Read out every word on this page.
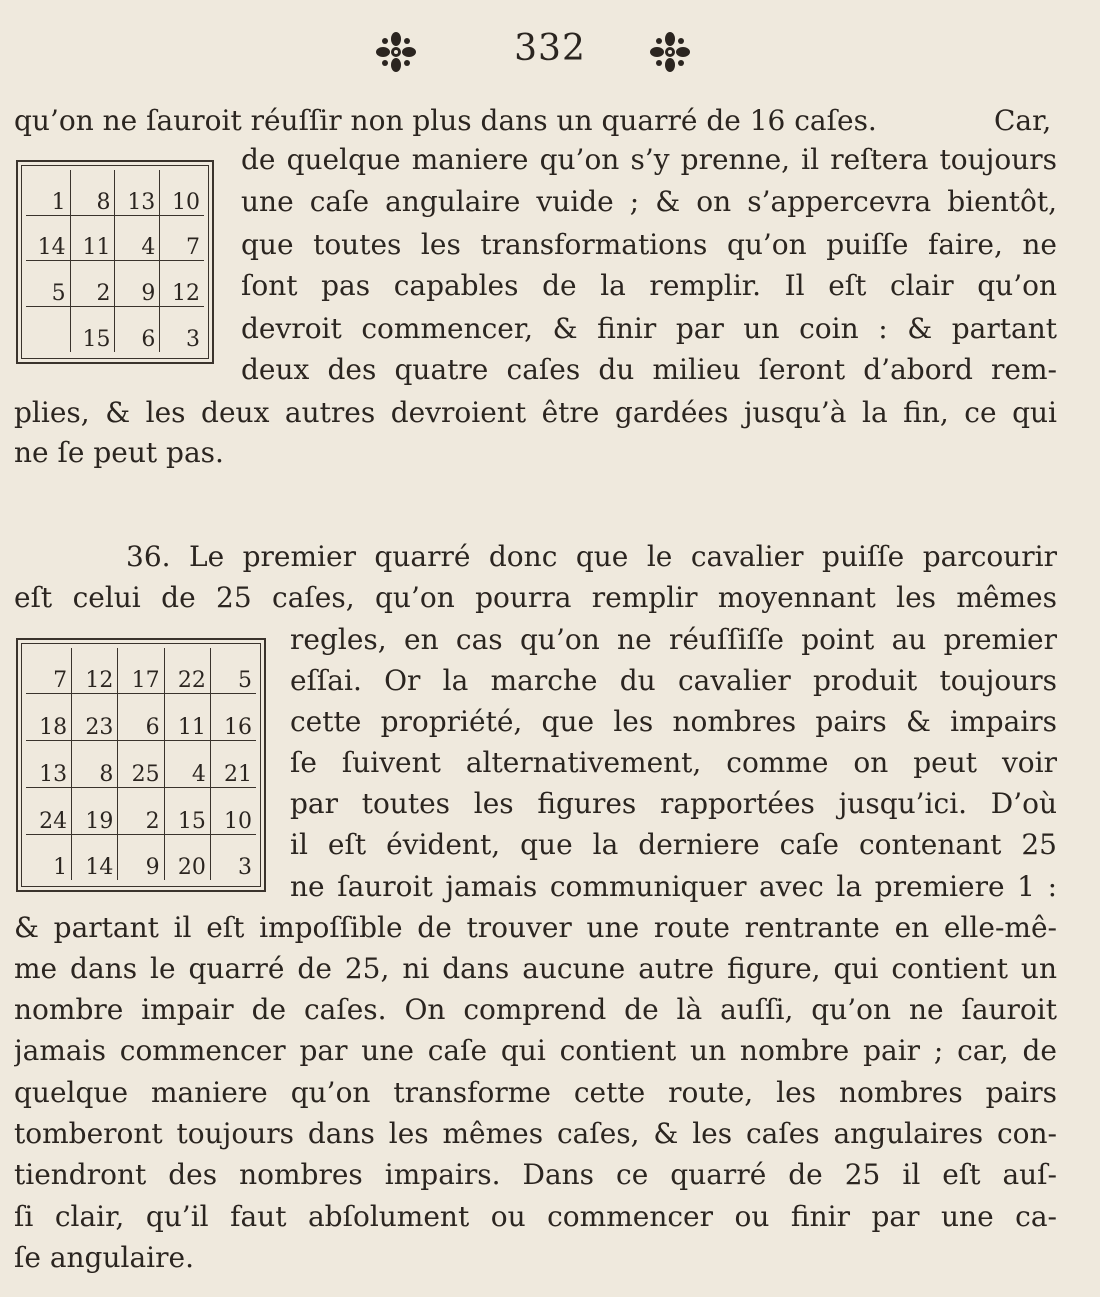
332
qu’on ne ſauroit réuſſir non plus dans un quarré de 16 caſes.	Car,
1	8	13	10
14	11	4	7
5	2	9	12
	15	6	3
de quelque maniere qu’on s’y prenne, il reſtera toujours
une caſe angulaire vuide ; & on s’appercevra bientôt,
que toutes les transformations qu’on puiſſe faire, ne
ſont pas capables de la remplir. Il eſt clair qu’on
devroit commencer, & finir par un coin : & partant
deux des quatre caſes du milieu ſeront d’abord rem-
plies, & les deux autres devroient être gardées jusqu’à la fin, ce qui
ne ſe peut pas.
36. Le premier quarré donc que le cavalier puiſſe parcourir
eſt celui de 25 caſes, qu’on pourra remplir moyennant les mêmes
7	12	17	22	5
18	23	6	11	16
13	8	25	4	21
24	19	2	15	10
1	14	9	20	3
regles, en cas qu’on ne réuſſiſſe point au premier
eſſai. Or la marche du cavalier produit toujours
cette propriété, que les nombres pairs & impairs
ſe ſuivent alternativement, comme on peut voir
par toutes les figures rapportées jusqu’ici. D’où
il eſt évident, que la derniere caſe contenant 25
ne ſauroit jamais communiquer avec la premiere 1 :
& partant il eſt impoſſible de trouver une route rentrante en elle-mê-
me dans le quarré de 25, ni dans aucune autre figure, qui contient un
nombre impair de caſes. On comprend de là auſſi, qu’on ne ſauroit
jamais commencer par une caſe qui contient un nombre pair ; car, de
quelque maniere qu’on transforme cette route, les nombres pairs
tomberont toujours dans les mêmes caſes, & les caſes angulaires con-
tiendront des nombres impairs. Dans ce quarré de 25 il eſt auſ-
ſi clair, qu’il faut abſolument ou commencer ou finir par une ca-
ſe angulaire.
